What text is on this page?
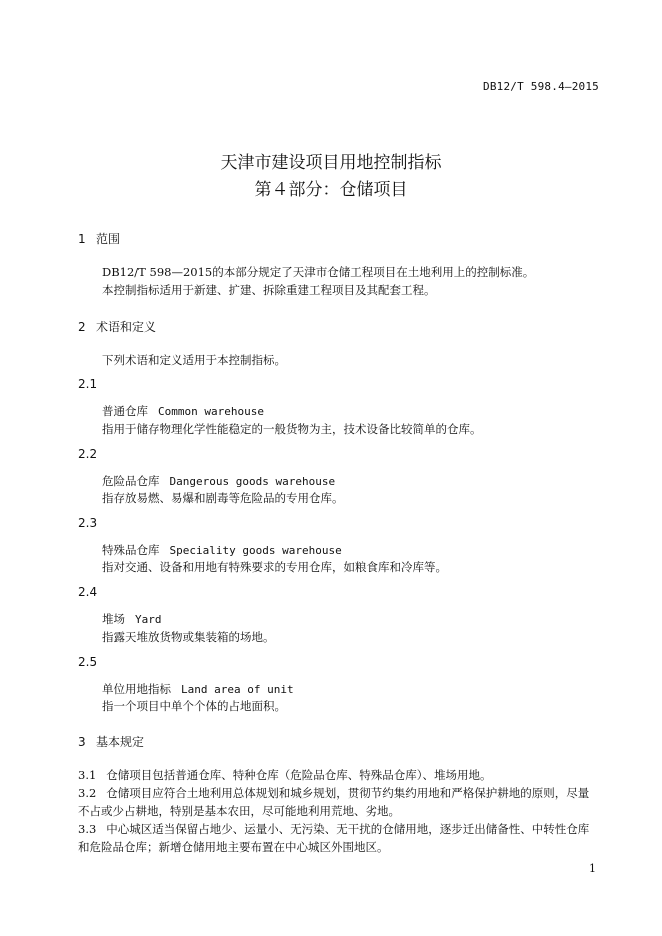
DB12/T 598.4—2015
天津市建设项目用地控制指标
第４部分：仓储项目
1 范围
DB12/T 598—2015的本部分规定了天津市仓储工程项目在土地利用上的控制标准。
本控制指标适用于新建、扩建、拆除重建工程项目及其配套工程。
2 术语和定义
下列术语和定义适用于本控制指标。
2.1
普通仓库 Common warehouse
指用于储存物理化学性能稳定的一般货物为主，技术设备比较简单的仓库。
2.2
危险品仓库 Dangerous goods warehouse
指存放易燃、易爆和剧毒等危险品的专用仓库。
2.3
特殊品仓库 Speciality goods warehouse
指对交通、设备和用地有特殊要求的专用仓库，如粮食库和冷库等。
2.4
堆场 Yard
指露天堆放货物或集装箱的场地。
2.5
单位用地指标 Land area of unit
指一个项目中单个个体的占地面积。
3 基本规定
3.1 仓储项目包括普通仓库、特种仓库（危险品仓库、特殊品仓库）、堆场用地。
3.2 仓储项目应符合土地利用总体规划和城乡规划，贯彻节约集约用地和严格保护耕地的原则，尽量不占或少占耕地，特别是基本农田，尽可能地利用荒地、劣地。
3.3 中心城区适当保留占地少、运量小、无污染、无干扰的仓储用地，逐步迁出储备性、中转性仓库和危险品仓库；新增仓储用地主要布置在中心城区外围地区。
1
